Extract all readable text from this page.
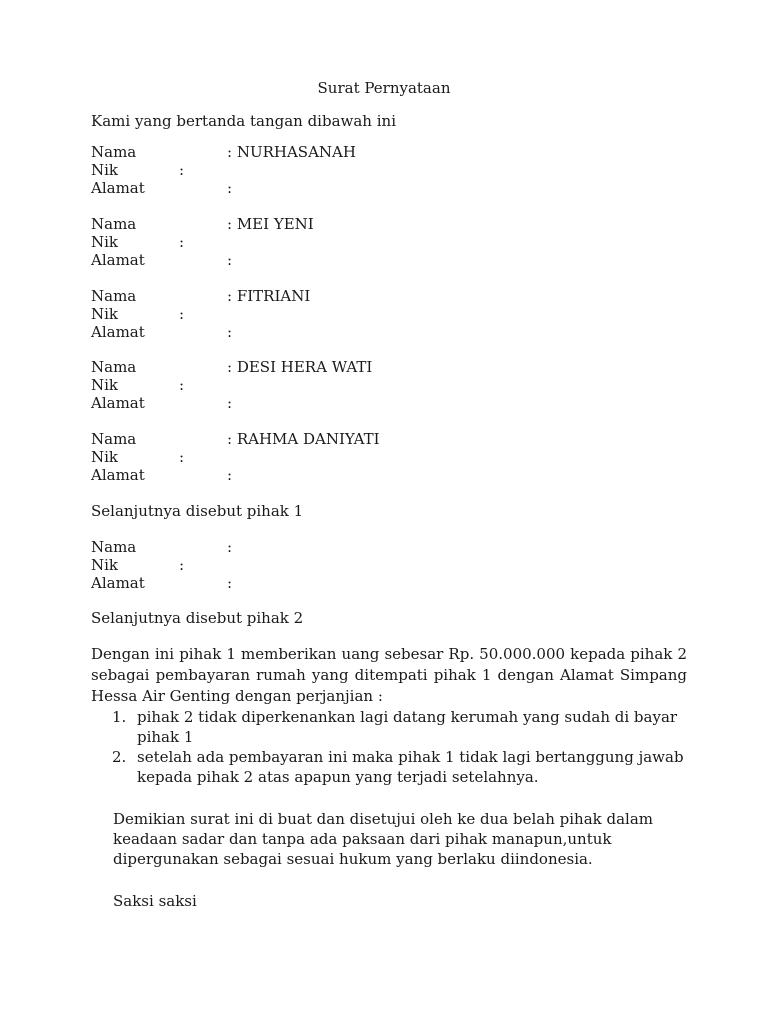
Surat Pernyataan
Kami yang bertanda tangan dibawah ini
Nama	: NURHASANAH
Nik	:
Alamat	:
Nama	: MEI YENI
Nik	:
Alamat	:
Nama	: FITRIANI
Nik	:
Alamat	:
Nama	: DESI HERA WATI
Nik	:
Alamat	:
Nama	: RAHMA DANIYATI
Nik	:
Alamat	:
Selanjutnya disebut pihak 1
Nama	:
Nik	:
Alamat	:
Selanjutnya disebut pihak 2
Dengan ini pihak 1 memberikan uang sebesar Rp. 50.000.000 kepada pihak 2 sebagai pembayaran rumah yang ditempati pihak 1 dengan Alamat Simpang Hessa Air Genting dengan perjanjian :
1. pihak 2 tidak diperkenankan lagi datang kerumah yang sudah di bayar pihak 1
2. setelah ada pembayaran ini maka pihak 1 tidak lagi bertanggung jawab kepada pihak 2 atas apapun yang terjadi setelahnya.
Demikian surat ini di buat dan disetujui oleh ke dua belah pihak dalam keadaan sadar dan tanpa ada paksaan dari pihak manapun,untuk dipergunakan sebagai sesuai hukum yang berlaku diindonesia.
Saksi saksi
